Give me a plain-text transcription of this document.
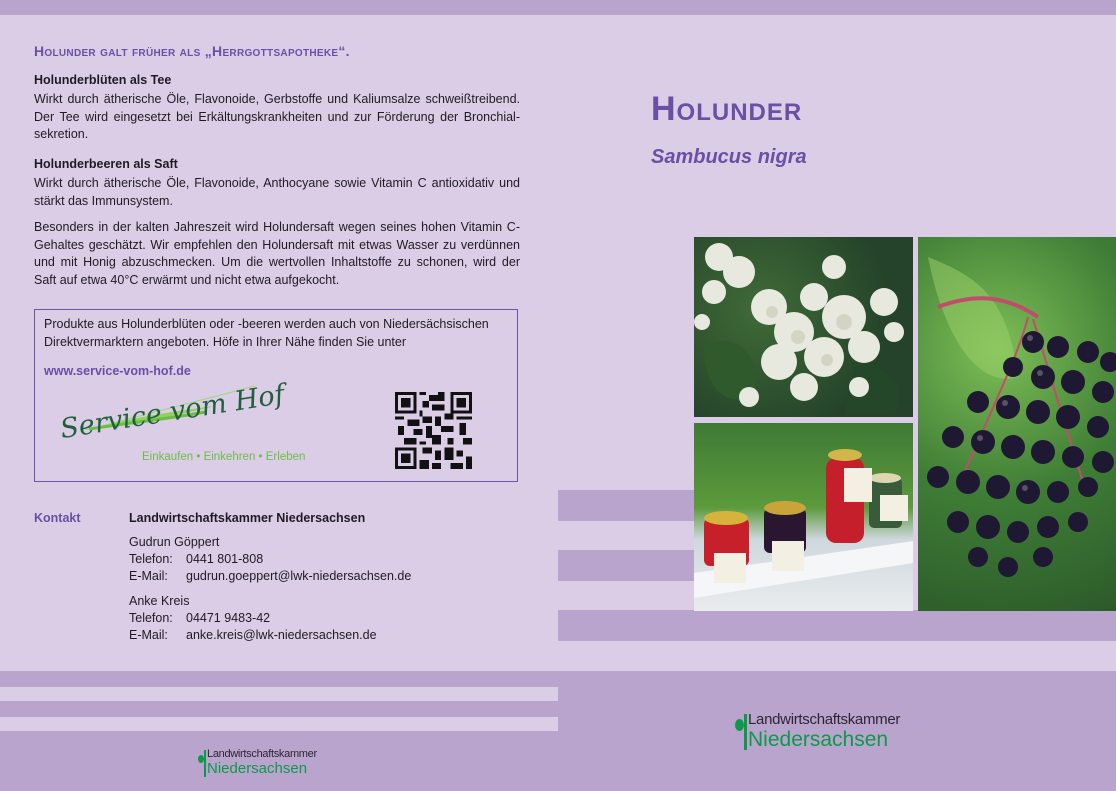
Holunder galt früher als „Herrgottsapotheke“.
Holunderblüten als Tee
Wirkt durch ätherische Öle, Flavonoide, Gerbstoffe und Kaliumsalze schweißtreibend. Der Tee wird eingesetzt bei Erkältungskrankheiten und zur Förderung der Bronchial-sekretion.
Holunderbeeren als Saft
Wirkt durch ätherische Öle, Flavonoide, Anthocyane sowie Vitamin C antioxidativ und stärkt das Immunsystem.
Besonders in der kalten Jahreszeit wird Holundersaft wegen seines hohen Vitamin C-Gehaltes geschätzt. Wir empfehlen den Holundersaft mit etwas Wasser zu verdünnen und mit Honig abzuschmecken. Um die wertvollen Inhaltstoffe zu schonen, wird der Saft auf etwa 40°C erwärmt und nicht etwa aufgekocht.
Produkte aus Holunderblüten oder -beeren werden auch von Niedersächsischen Direktvermarktern angeboten. Höfe in Ihrer Nähe finden Sie unter
www.service-vom-hof.de
Service vom Hof
Einkaufen • Einkehren • Erleben
Kontakt	Landwirtschaftskammer Niedersachsen
Gudrun Göppert
Telefon:	0441 801-808
E-Mail:	gudrun.goeppert@lwk-niedersachsen.de
Anke Kreis
Telefon:	04471 9483-42
E-Mail:	anke.kreis@lwk-niedersachsen.de
Landwirtschaftskammer
Niedersachsen
Holunder
Sambucus nigra
Landwirtschaftskammer
Niedersachsen
